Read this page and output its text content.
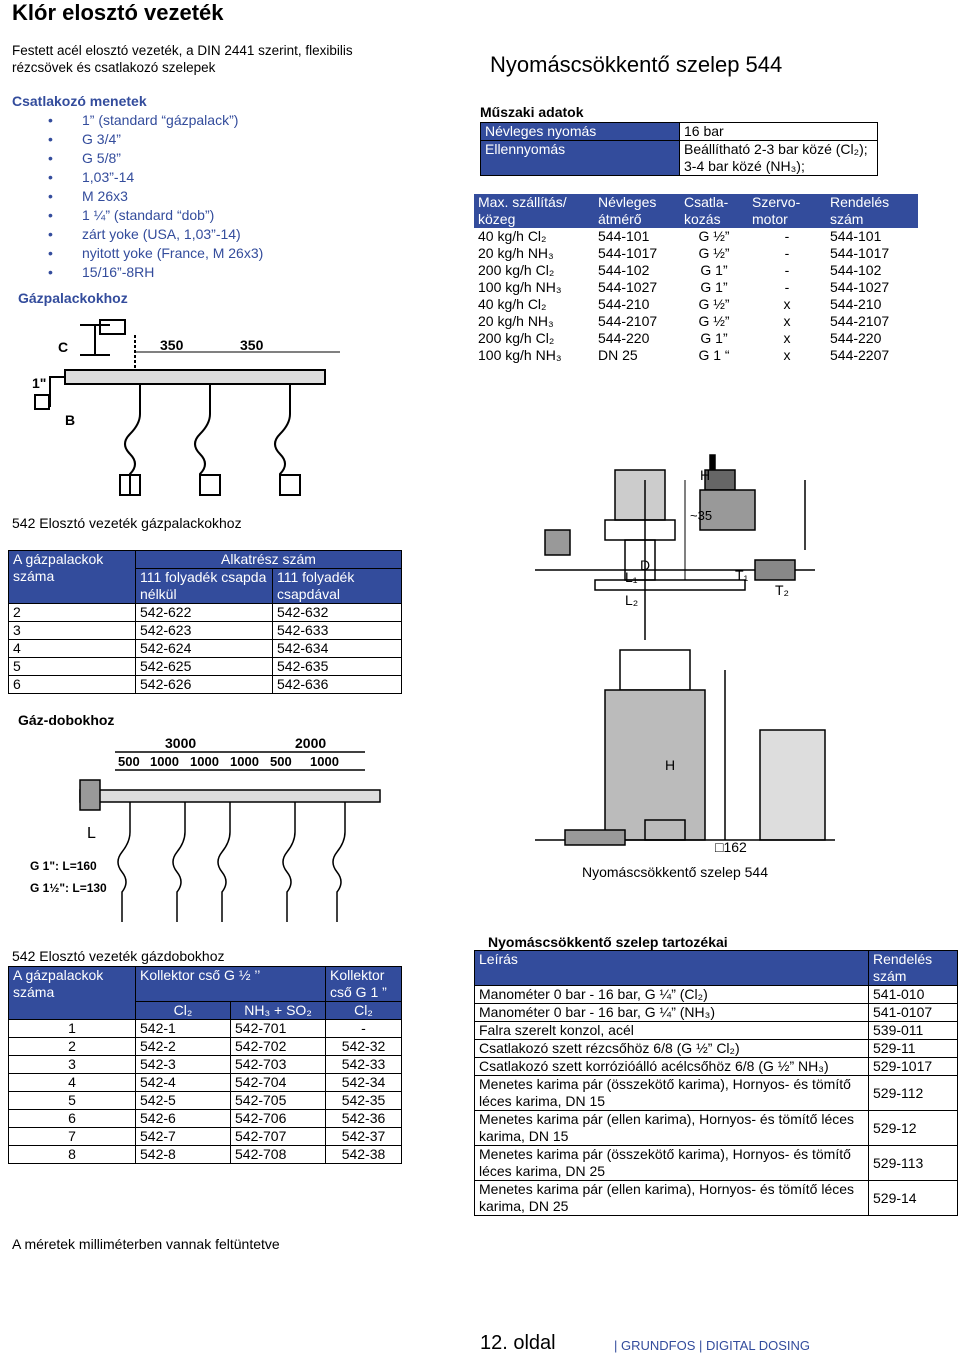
Klór elosztó vezeték
Festett acél elosztó vezeték, a DIN 2441 szerint, flexibilis rézcsövek és csatlakozó szelepek
Csatlakozó menetek
• 1” (standard “gázpalack”)
• G 3/4”
• G 5/8”
• 1,03”-14
• M 26x3
• 1 ¼” (standard “dob”)
• zárt yoke (USA, 1,03”-14)
• nyitott yoke (France, M 26x3)
• 15/16”-8RH
Gázpalackokhoz
C
1"
B
350	350
Nyomáscsökkentő szelep 544
Műszaki adatok
Névleges nyomás	16 bar
Ellennyomás	Beállítható 2-3 bar közé (Cl₂); 3-4 bar közé (NH₃);
Max. szállítás/ közeg	Névleges átmérő	Csatla-kozás	Szervo-motor	Rendelés szám
40 kg/h Cl₂	544-101	G ½”	-	544-101
20 kg/h NH₃	544-1017	G ½”	-	544-1017
200 kg/h Cl₂	544-102	G 1”	-	544-102
100 kg/h NH₃	544-1027	G 1”	-	544-1027
40 kg/h Cl₂	544-210	G ½”	x	544-210
20 kg/h NH₃	544-2107	G ½”	x	544-2107
200 kg/h Cl₂	544-220	G 1”	x	544-220
100 kg/h NH₃	DN 25	G 1 “	x	544-2207
H
~35
D
L₁
L₂
T₁
T₂
H
□162
Nyomáscsökkentő szelep 544
542 Elosztó vezeték gázpalackokhoz
A gázpalackok száma	Alkatrész szám	
	111 folyadék csapda nélkül	111 folyadék csapdával
2	542-622	542-632
3	542-623	542-633
4	542-624	542-634
5	542-625	542-635
6	542-626	542-636
Gáz-dobokhoz
3000	2000
500 1000 1000 1000 500 1000
L
G 1": L=160
G 1½": L=130
542 Elosztó vezeték gázdobokhoz
A gázpalackok száma	Kollektor cső G ½ ’’		Kollektor cső G 1 ”
	Cl₂	NH₃ + SO₂	Cl₂
1	542-1	542-701	-
2	542-2	542-702	542-32
3	542-3	542-703	542-33
4	542-4	542-704	542-34
5	542-5	542-705	542-35
6	542-6	542-706	542-36
7	542-7	542-707	542-37
8	542-8	542-708	542-38
A méretek milliméterben vannak feltüntetve
Nyomáscsökkentő szelep tartozékai
Leírás	Rendelés szám
Manométer 0 bar - 16 bar, G ¼” (Cl₂)	541-010
Manométer 0 bar - 16 bar, G ¼” (NH₃)	541-0107
Falra szerelt konzol, acél	539-011
Csatlakozó szett rézcsőhöz 6/8 (G ½” Cl₂)	529-11
Csatlakozó szett korrózióálló acélcsőhöz 6/8 (G ½” NH₃)	529-1017
Menetes karima pár (összekötő karima), Hornyos- és tömítő léces karima, DN 15	529-112
Menetes karima pár (ellen karima), Hornyos- és tömítő léces karima, DN 15	529-12
Menetes karima pár (összekötő karima), Hornyos- és tömítő léces karima, DN 25	529-113
Menetes karima pár (ellen karima), Hornyos- és tömítő léces karima, DN 25	529-14
12. oldal	| GRUNDFOS | DIGITAL DOSING
